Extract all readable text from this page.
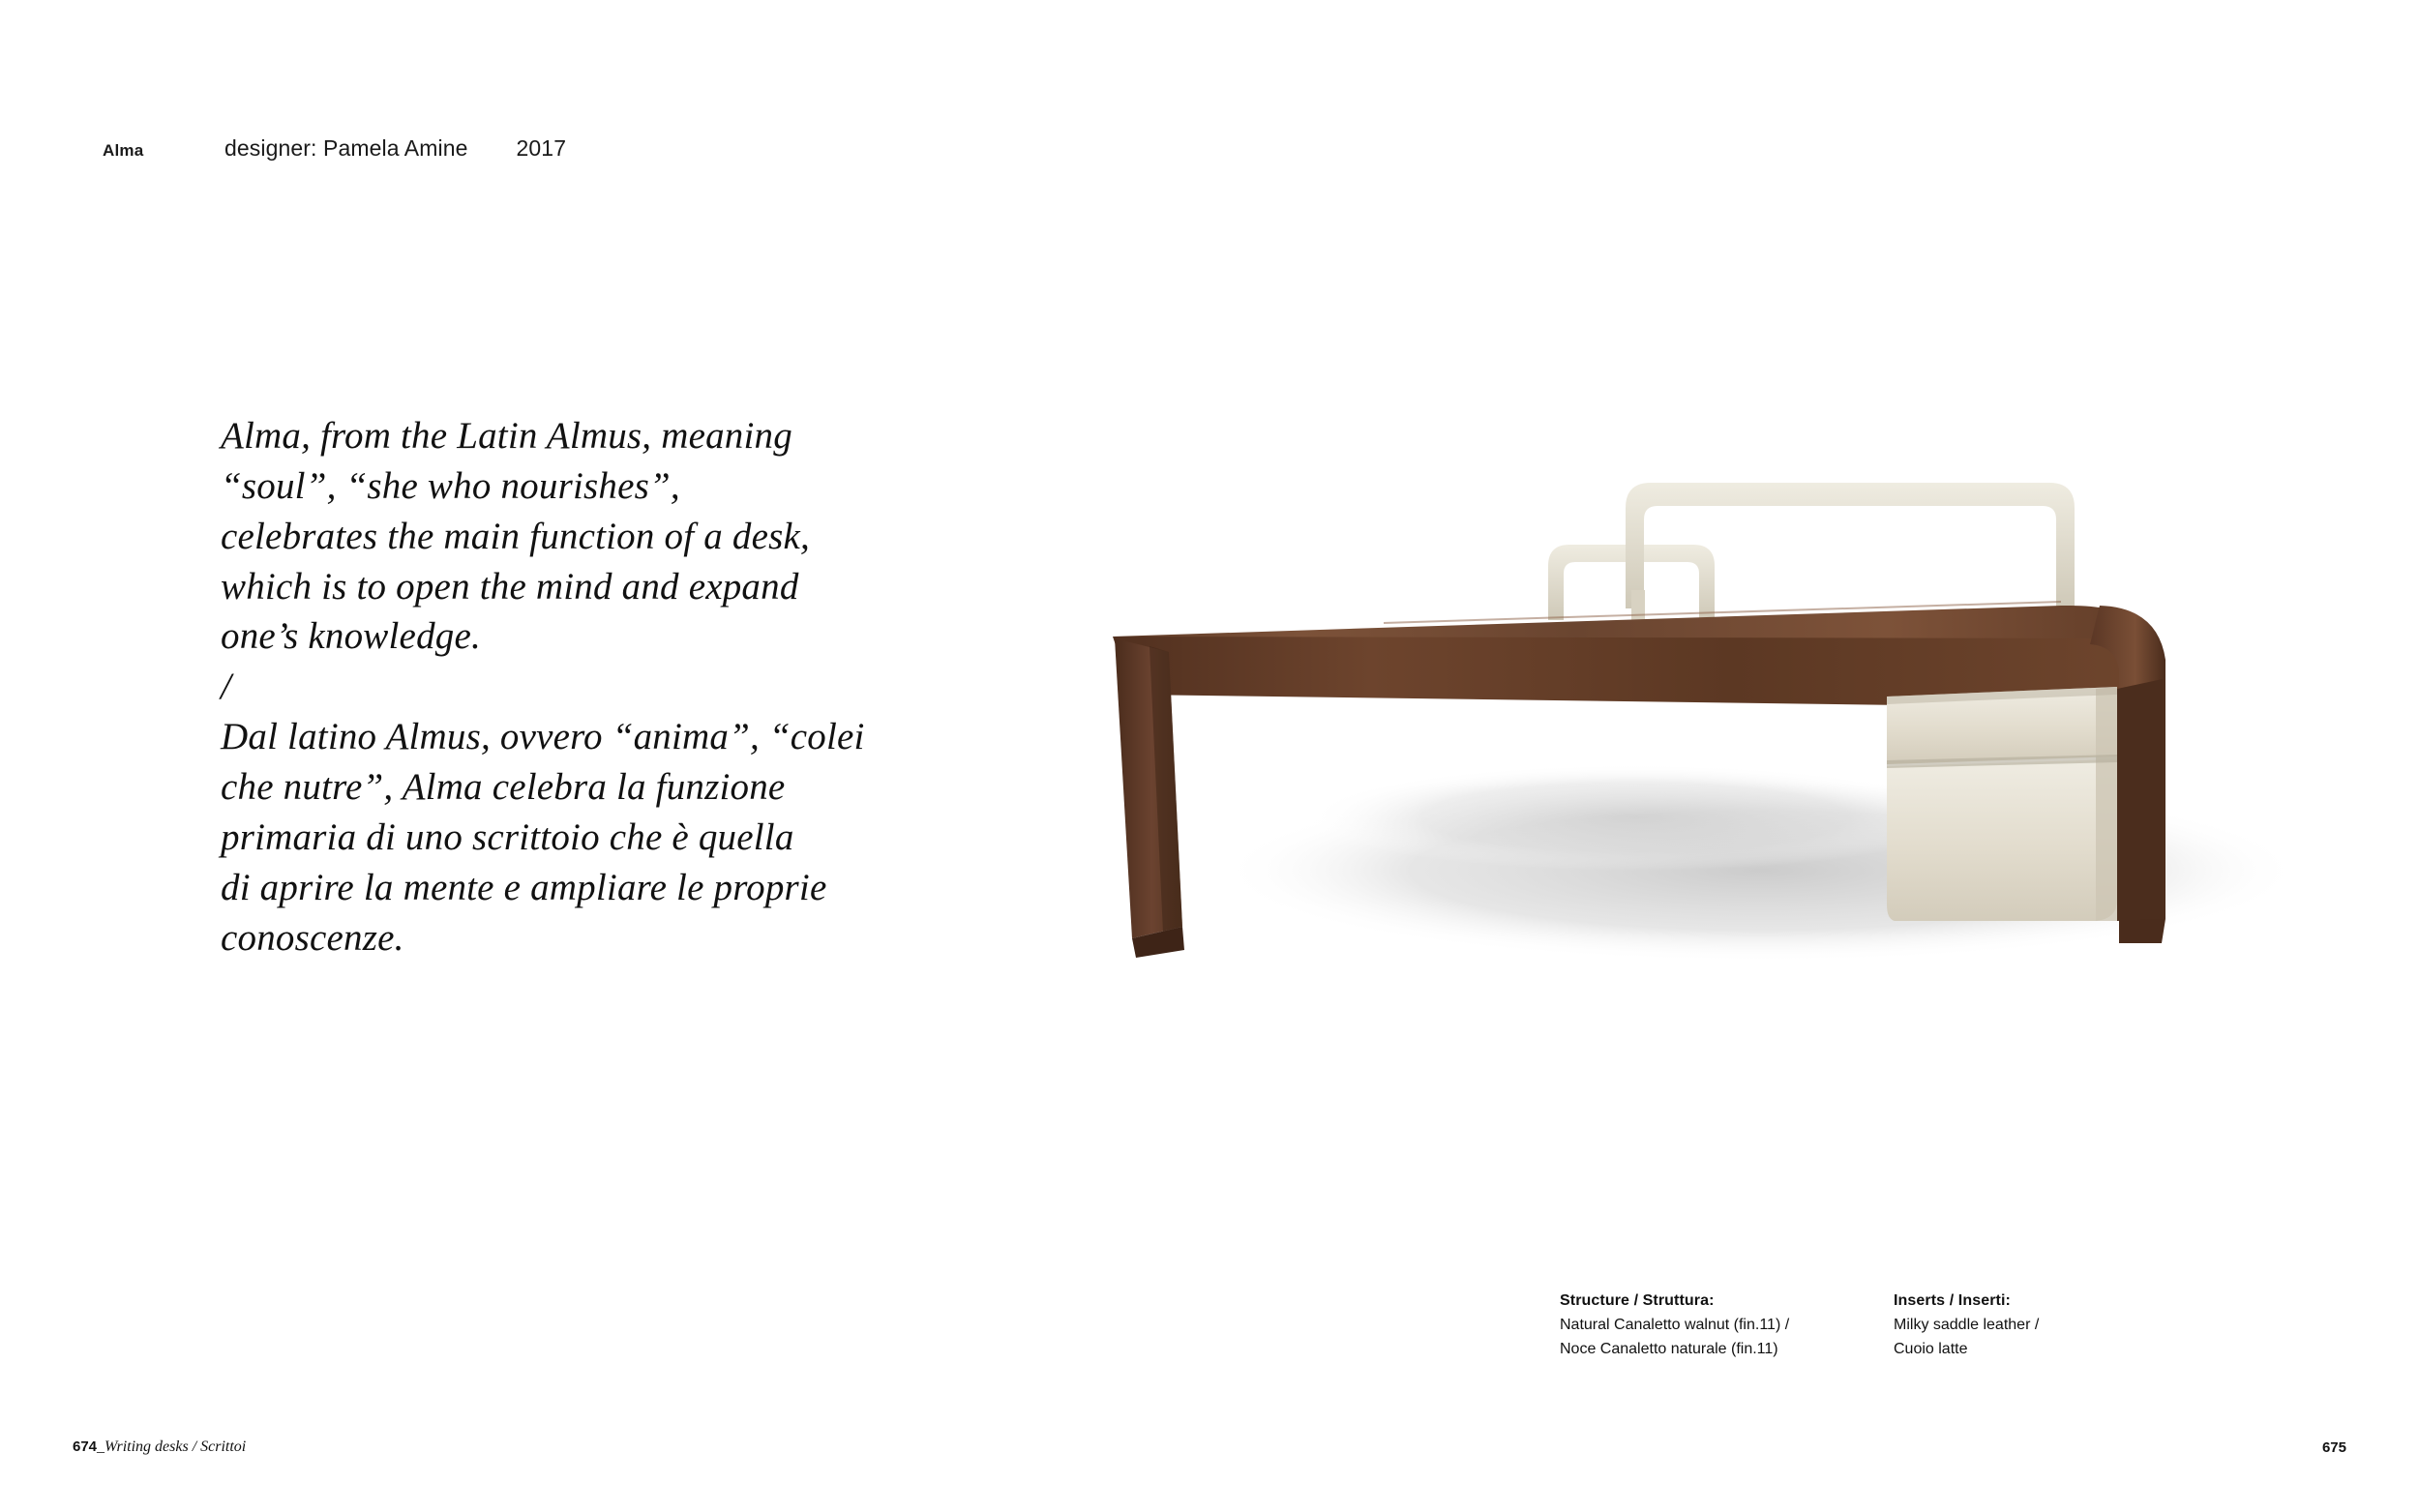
Alma	designer: Pamela Amine 2017

Alma, from the Latin Almus, meaning

“soul”, “she who nourishes”,

celebrates the main function of a desk,

which is to open the mind and expand

one’s knowledge.

/

Dal latino Almus, ovvero “anima”, “colei

che nutre”, Alma celebra la funzione

primaria di uno scrittoio che è quella

di aprire la mente e ampliare le proprie

conoscenze.

Structure / Struttura:
Natural Canaletto walnut (fin.11) /
Noce Canaletto naturale (fin.11)
Inserts / Inserti:
Milky saddle leather /
Cuoio latte
674_Writing desks / Scrittoi	675
